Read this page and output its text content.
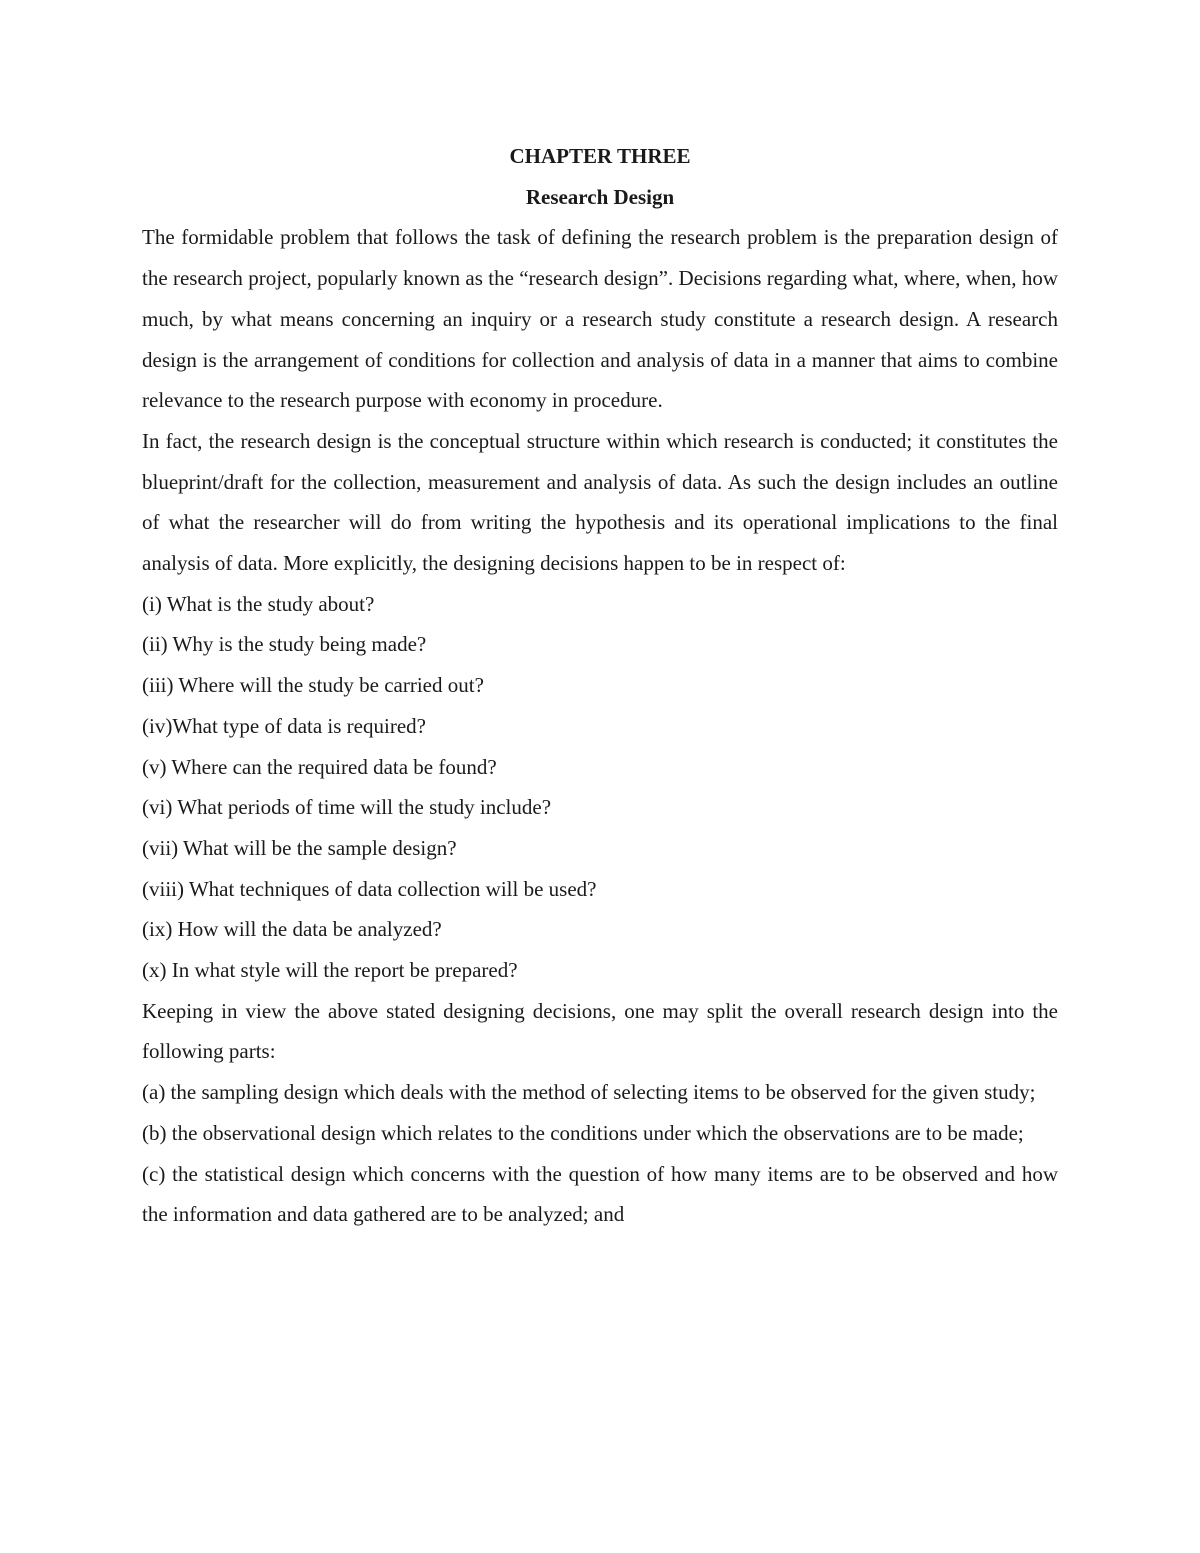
CHAPTER THREE

Research Design

The formidable problem that follows the task of defining the research problem is the preparation design of the research project, popularly known as the “research design”. Decisions regarding what, where, when, how much, by what means concerning an inquiry or a research study constitute a research design. A research design is the arrangement of conditions for collection and analysis of data in a manner that aims to combine relevance to the research purpose with economy in procedure.

In fact, the research design is the conceptual structure within which research is conducted; it constitutes the blueprint/draft for the collection, measurement and analysis of data. As such the design includes an outline of what the researcher will do from writing the hypothesis and its operational implications to the final analysis of data. More explicitly, the designing decisions happen to be in respect of:

(i) What is the study about?
(ii) Why is the study being made?
(iii) Where will the study be carried out?
(iv)What type of data is required?
(v) Where can the required data be found?
(vi) What periods of time will the study include?
(vii) What will be the sample design?
(viii) What techniques of data collection will be used?
(ix) How will the data be analyzed?
(x) In what style will the report be prepared?

Keeping in view the above stated designing decisions, one may split the overall research design into the following parts:

(a) the sampling design which deals with the method of selecting items to be observed for the given study;
(b) the observational design which relates to the conditions under which the observations are to be made;
(c) the statistical design which concerns with the question of how many items are to be observed and how the information and data gathered are to be analyzed; and
